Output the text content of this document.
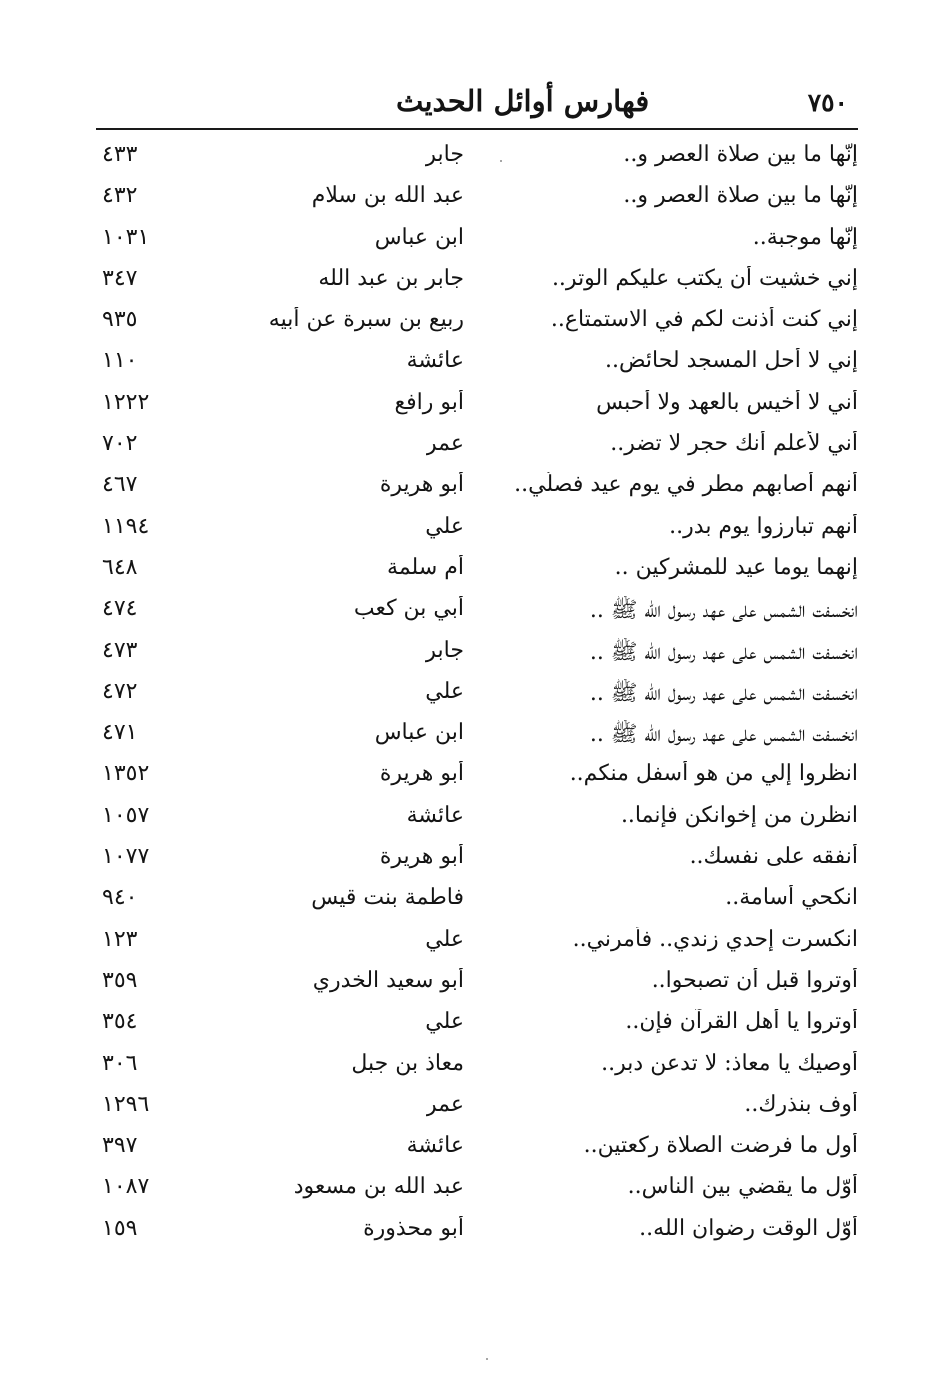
فهارس أوائل الحديث	٧٥٠
إنّها ما بين صلاة العصر و..
جابر
٤٣٣
إنّها ما بين صلاة العصر و..
عبد الله بن سلام
٤٣٢
إنّها موجبة..
ابن عباس
١٠٣١
إني خشيت أن يكتب عليكم الوتر..
جابر بن عبد الله
٣٤٧
إني كنت أذنت لكم في الاستمتاع..
ربيع بن سبرة عن أبيه
٩٣٥
إني لا أحل المسجد لحائض..
عائشة
١١٠
أني لا أخيس بالعهد ولا أحبس
أبو رافع
١٢٢٢
أني لأعلم أنك حجر لا تضر..
عمر
٧٠٢
أنهم أصابهم مطر في يوم عيد فصلّي..
أبو هريرة
٤٦٧
أنهم تبارزوا يوم بدر..
علي
١١٩٤
إنهما يوما عيد للمشركين ..
أم سلمة
٦٤٨
انخسفت الشمس على عهد رسول الله ﷺ ..
أُبي بن كعب
٤٧٤
انخسفت الشمس على عهد رسول الله ﷺ ..
جابر
٤٧٣
انخسفت الشمس على عهد رسول الله ﷺ ..
علي
٤٧٢
انخسفت الشمس على عهد رسول الله ﷺ ..
ابن عباس
٤٧١
انظروا إلي من هو أسفل منكم..
أبو هريرة
١٣٥٢
انظرن من إخوانكن فإنما..
عائشة
١٠٥٧
أنفقه على نفسك..
أبو هريرة
١٠٧٧
انكحي أسامة..
فاطمة بنت قيس
٩٤٠
انكسرت إحدي زندي.. فأمرني..
علي
١٢٣
أوتروا قبل أن تصبحوا..
أبو سعيد الخدري
٣٥٩
أوتروا يا أهل القرآن فإن..
علي
٣٥٤
أوصيك يا معاذ: لا تدعن دبر..
معاذ بن جبل
٣٠٦
أوف بنذرك..
عمر
١٢٩٦
أول ما فرضت الصلاة ركعتين..
عائشة
٣٩٧
أوّل ما يقضي بين الناس..
عبد الله بن مسعود
١٠٨٧
أوّل الوقت رضوان الله..
أبو محذورة
١٥٩
